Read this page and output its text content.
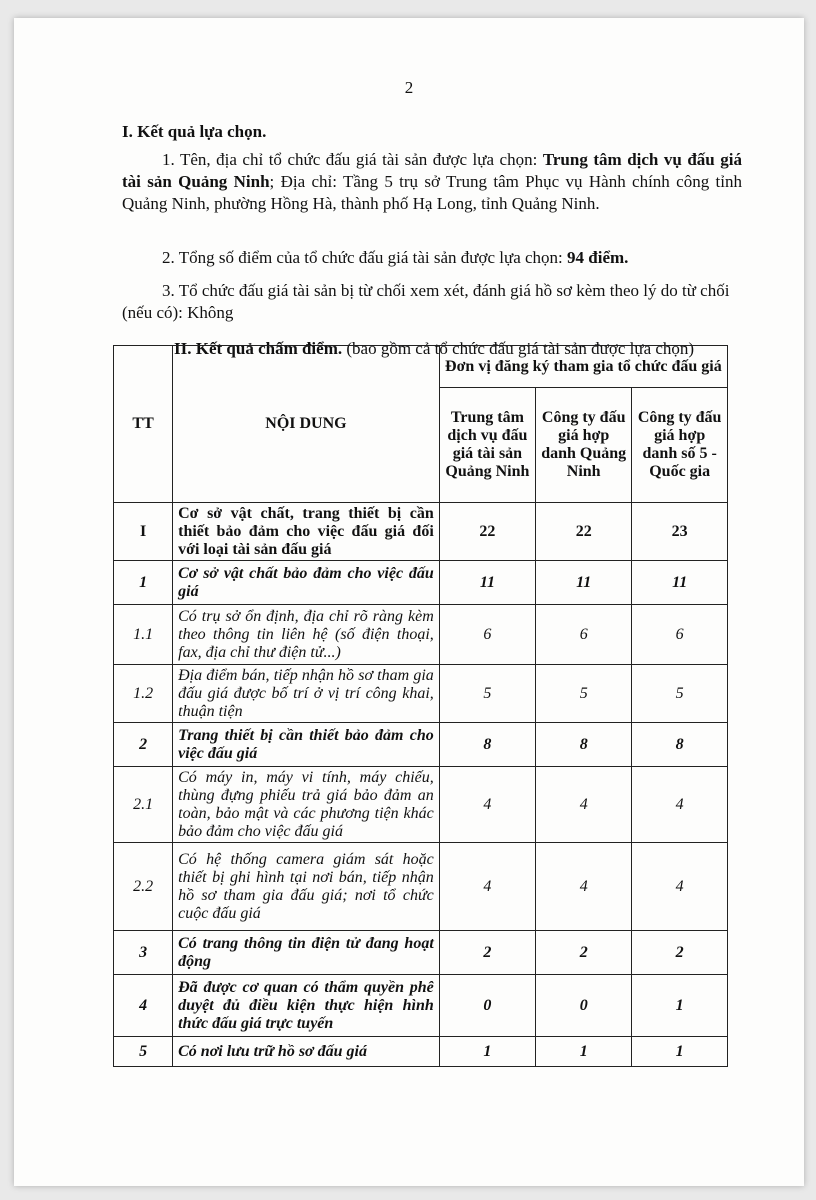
2
I. Kết quả lựa chọn.
1. Tên, địa chỉ tổ chức đấu giá tài sản được lựa chọn: Trung tâm dịch vụ đấu giá tài sản Quảng Ninh; Địa chỉ: Tầng 5 trụ sở Trung tâm Phục vụ Hành chính công tỉnh Quảng Ninh, phường Hồng Hà, thành phố Hạ Long, tỉnh Quảng Ninh.
2. Tổng số điểm của tổ chức đấu giá tài sản được lựa chọn: 94 điểm.
3. Tổ chức đấu giá tài sản bị từ chối xem xét, đánh giá hồ sơ kèm theo lý do từ chối (nếu có): Không
II. Kết quả chấm điểm. (bao gồm cả tổ chức đấu giá tài sản được lựa chọn)
TT	NỘI DUNG	Đơn vị đăng ký tham gia tổ chức đấu giá		
		Trung tâm dịch vụ đấu giá tài sản Quảng Ninh	Công ty đấu giá hợp danh Quảng Ninh	Công ty đấu giá hợp danh số 5 - Quốc gia
I	Cơ sở vật chất, trang thiết bị cần thiết bảo đảm cho việc đấu giá đối với loại tài sản đấu giá	22	22	23
1	Cơ sở vật chất bảo đảm cho việc đấu giá	11	11	11
1.1	Có trụ sở ổn định, địa chỉ rõ ràng kèm theo thông tin liên hệ (số điện thoại, fax, địa chỉ thư điện tử...)	6	6	6
1.2	Địa điểm bán, tiếp nhận hồ sơ tham gia đấu giá được bố trí ở vị trí công khai, thuận tiện	5	5	5
2	Trang thiết bị cần thiết bảo đảm cho việc đấu giá	8	8	8
2.1	Có máy in, máy vi tính, máy chiếu, thùng đựng phiếu trả giá bảo đảm an toàn, bảo mật và các phương tiện khác bảo đảm cho việc đấu giá	4	4	4
2.2	Có hệ thống camera giám sát hoặc thiết bị ghi hình tại nơi bán, tiếp nhận hồ sơ tham gia đấu giá; nơi tổ chức cuộc đấu giá	4	4	4
3	Có trang thông tin điện tử đang hoạt động	2	2	2
4	Đã được cơ quan có thẩm quyền phê duyệt đủ điều kiện thực hiện hình thức đấu giá trực tuyến	0	0	1
5	Có nơi lưu trữ hồ sơ đấu giá	1	1	1
